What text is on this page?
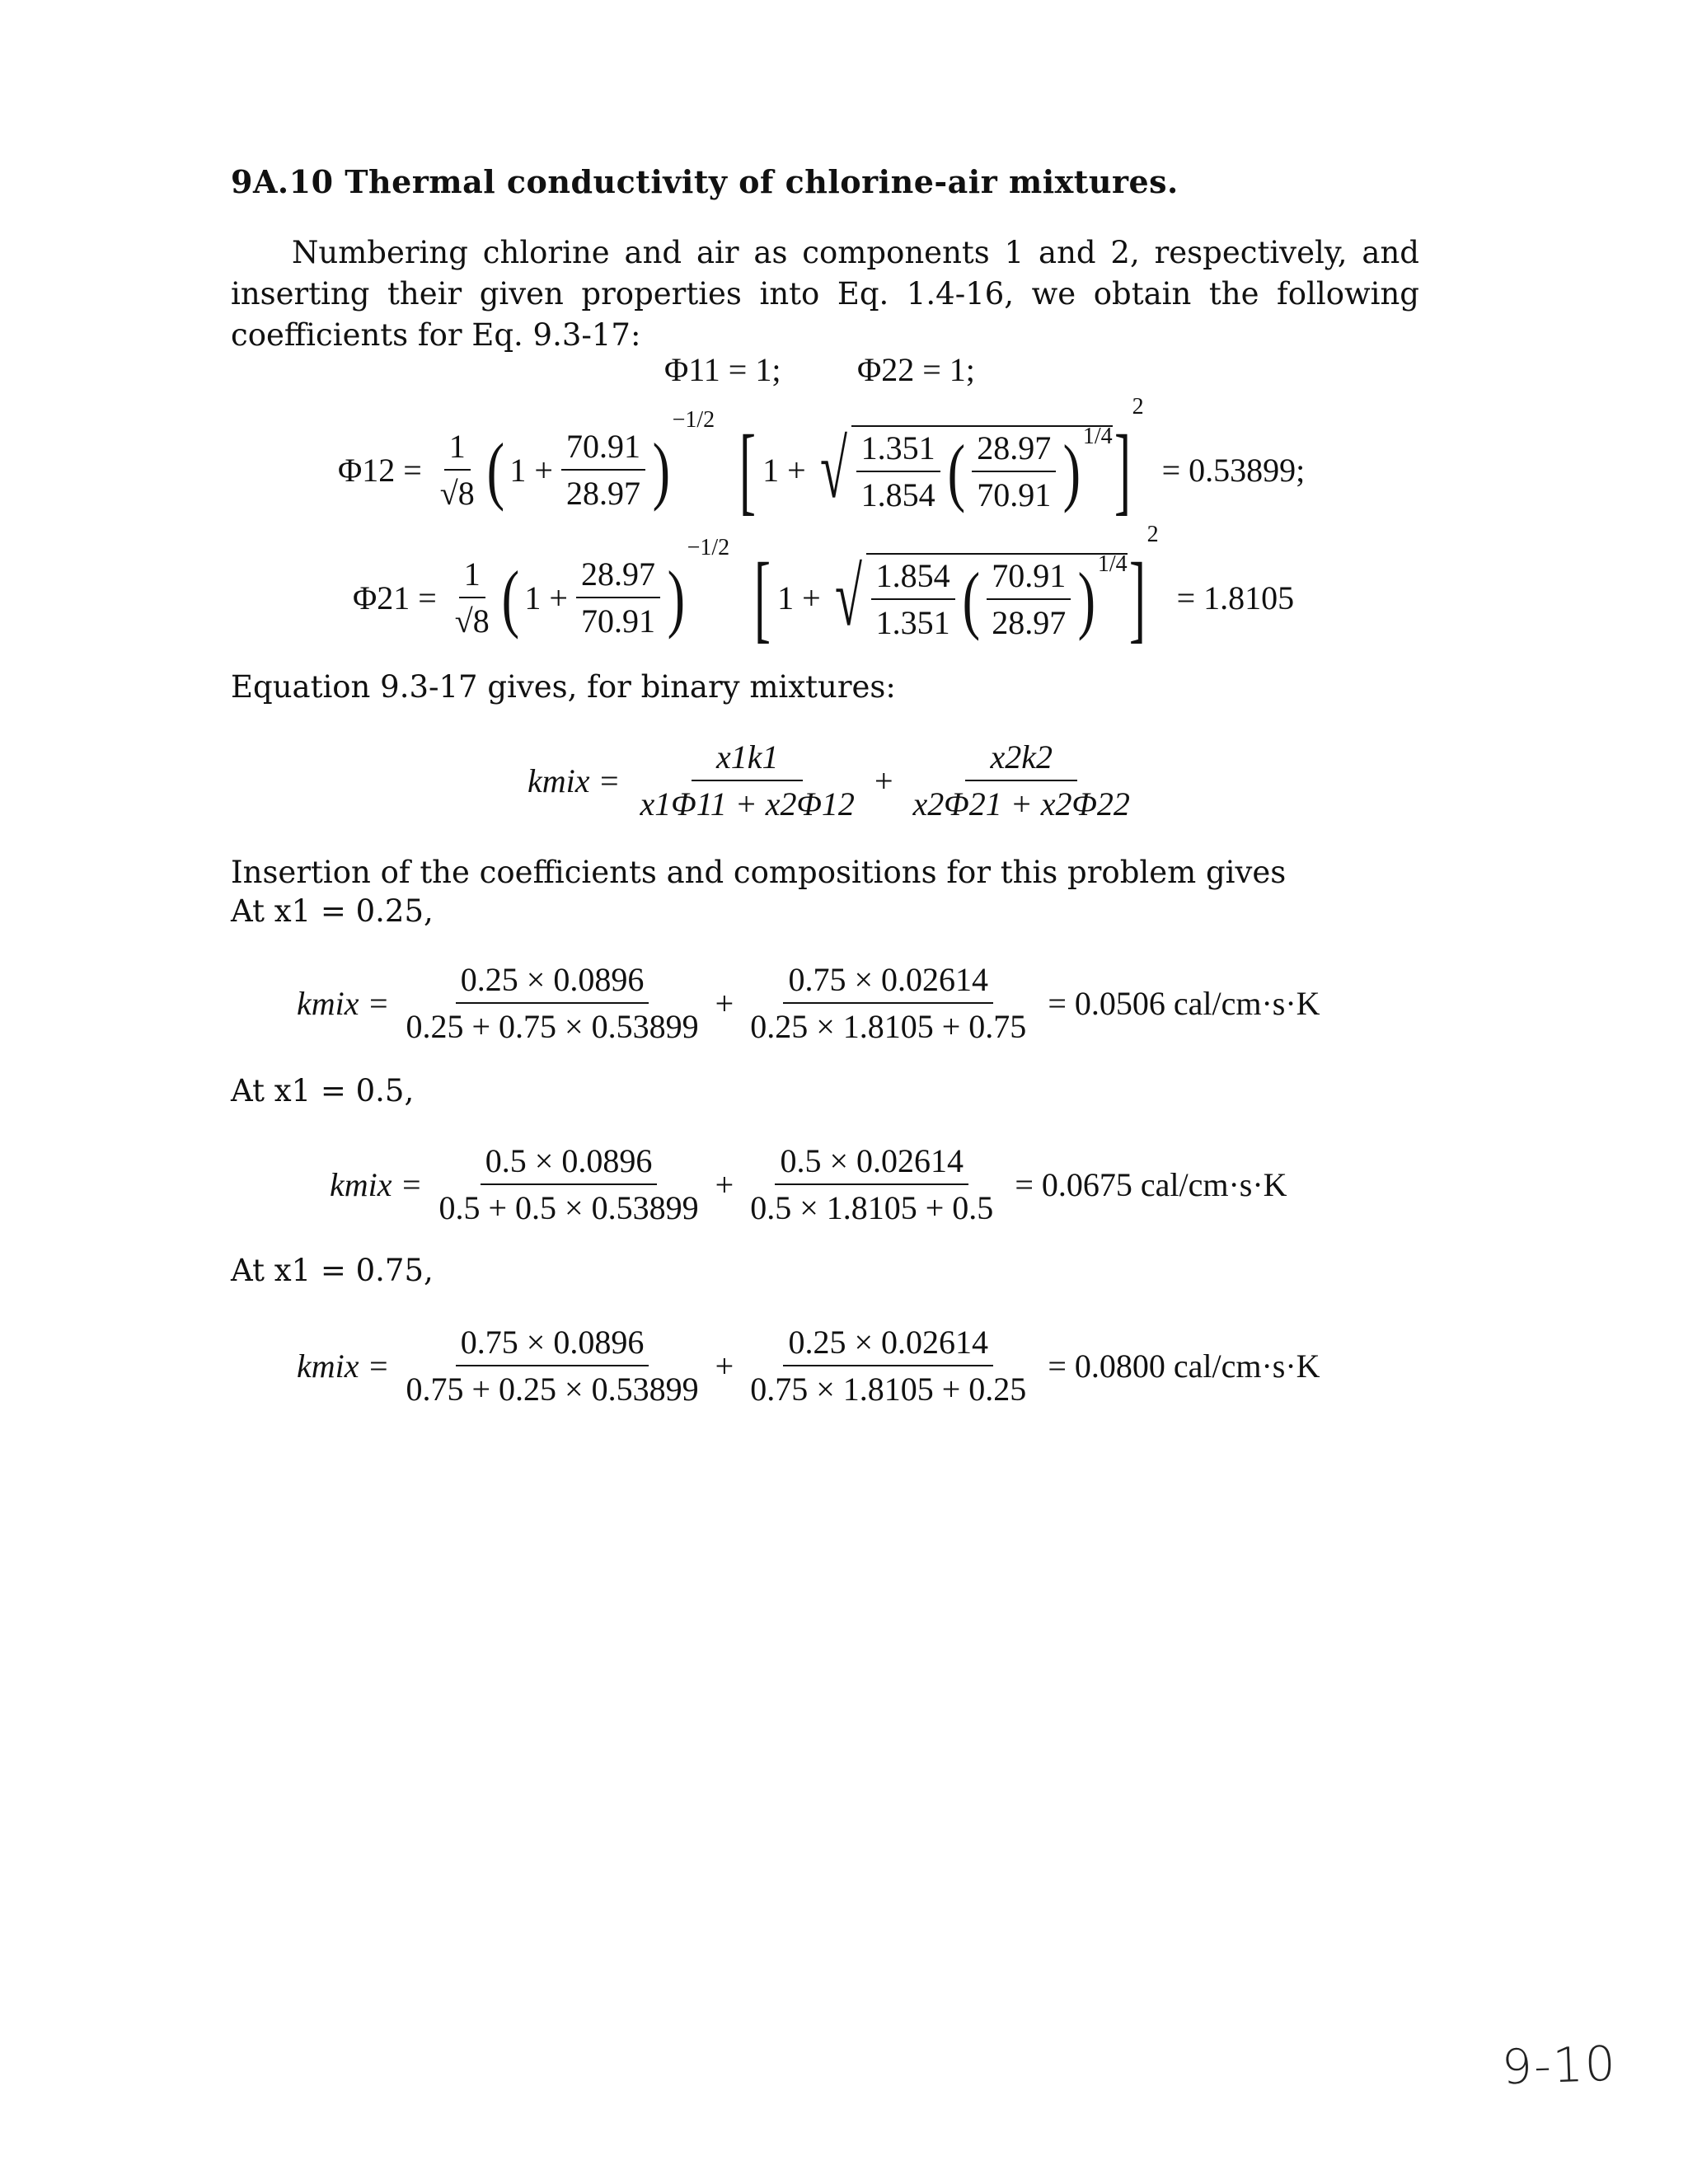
9A.10 Thermal conductivity of chlorine-air mixtures.
Numbering chlorine and air as components 1 and 2, respectively, and inserting their given properties into Eq. 1.4-16, we obtain the following coefficients for Eq. 9.3-17:
Φ11 = 1; Φ22 = 1;
$\Phi 12 = \frac{1}{√8}$ ( $1 + \frac{70.91}{28.97}$ )
−1/2 [ 1 + √ $\frac{1.351}{1.854}$ ( $\frac{28.97}{70.91}$ ) 1/4 ]
2
= 0.53899;
$\Phi 21 = \frac{1}{√8}$ ( $1 + \frac{28.97}{70.91}$ )
−1/2 [ 1 + √ $\frac{1.854}{1.351}$ ( $\frac{70.91}{28.97}$ ) 1/4 ]
2
= 1.8105
Equation 9.3-17 gives, for binary mixtures:
kmix = $\frac{x1k1}{x1\Phi 11 + x2\Phi 12} + \frac{x2k2}{x2\Phi 21 + x2\Phi 22}$
Insertion of the coefficients and compositions for this problem gives
At x1 = 0.25,
kmix = $\frac{0.25 \times 0.0896}{0.25 + 0.75 \times 0.53899} + \frac{0.75 \times 0.02614}{0.25 \times 1.8105 + 0.75} = 0.0506$ cal/cm·s·K
At x1 = 0.5,
kmix = $\frac{0.5 \times 0.0896}{0.5 + 0.5 \times 0.53899} + \frac{0.5 \times 0.02614}{0.5 \times 1.8105 + 0.5} = 0.0675$ cal/cm·s·K
At x1 = 0.75,
kmix = $\frac{0.75 \times 0.0896}{0.75 + 0.25 \times 0.53899} + \frac{0.25 \times 0.02614}{0.75 \times 1.8105 + 0.25} = 0.0800$ cal/cm·s·K
9-10
